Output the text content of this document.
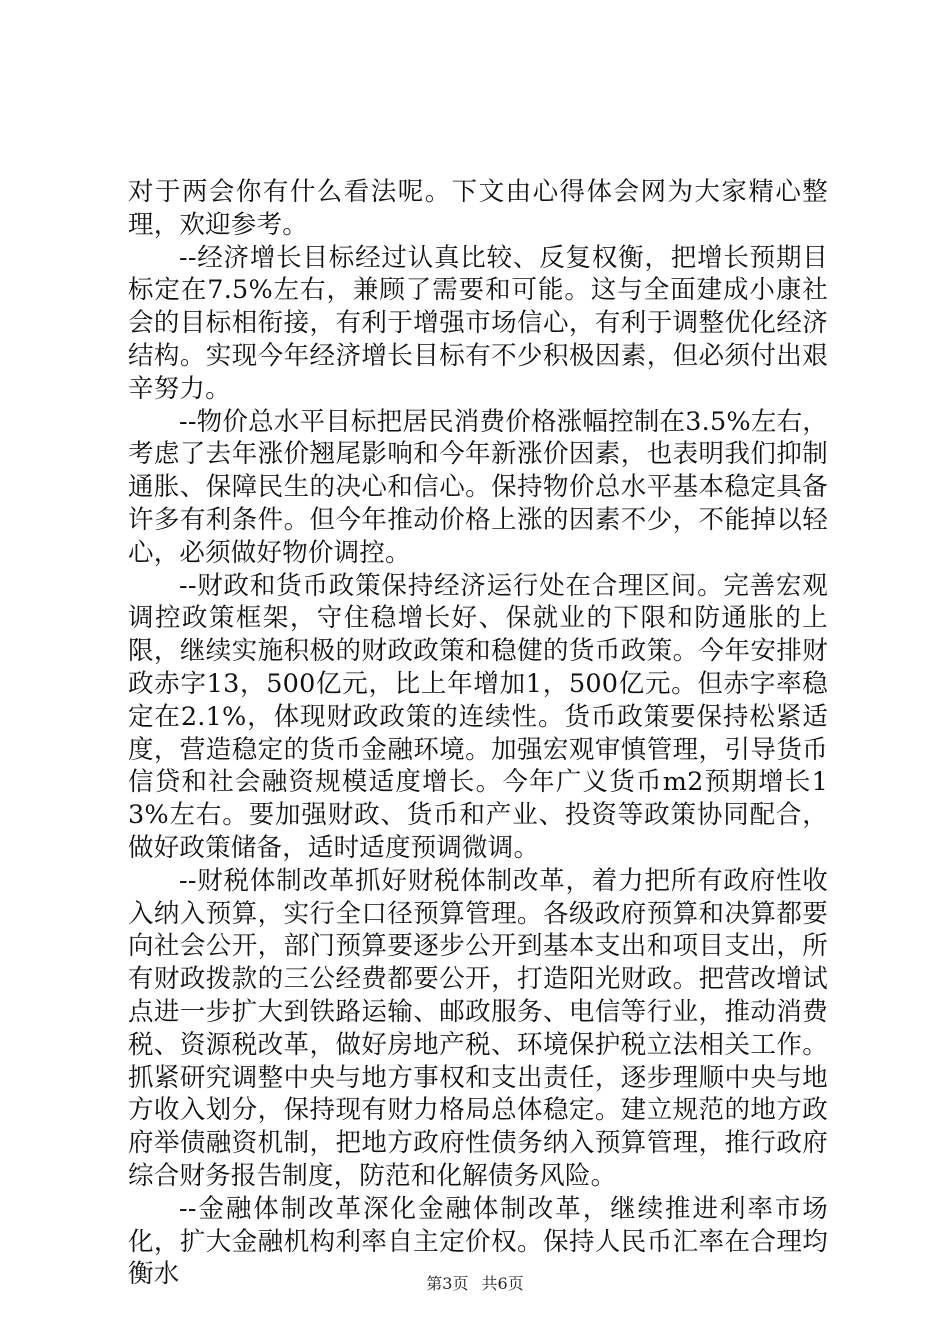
对于两会你有什么看法呢。下文由心得体会网为大家精心整理，欢迎参考。

--经济增长目标经过认真比较、反复权衡，把增长预期目标定在7.5%左右，兼顾了需要和可能。这与全面建成小康社会的目标相衔接，有利于增强市场信心，有利于调整优化经济结构。实现今年经济增长目标有不少积极因素，但必须付出艰辛努力。

--物价总水平目标把居民消费价格涨幅控制在3.5%左右，考虑了去年涨价翘尾影响和今年新涨价因素，也表明我们抑制通胀、保障民生的决心和信心。保持物价总水平基本稳定具备许多有利条件。但今年推动价格上涨的因素不少，不能掉以轻心，必须做好物价调控。

--财政和货币政策保持经济运行处在合理区间。完善宏观调控政策框架，守住稳增长好、保就业的下限和防通胀的上限，继续实施积极的财政政策和稳健的货币政策。今年安排财政赤字13，500亿元，比上年增加1，500亿元。但赤字率稳定在2.1%，体现财政政策的连续性。货币政策要保持松紧适度，营造稳定的货币金融环境。加强宏观审慎管理，引导货币信贷和社会融资规模适度增长。今年广义货币m2预期增长13%左右。要加强财政、货币和产业、投资等政策协同配合，做好政策储备，适时适度预调微调。

--财税体制改革抓好财税体制改革，着力把所有政府性收入纳入预算，实行全口径预算管理。各级政府预算和决算都要向社会公开，部门预算要逐步公开到基本支出和项目支出，所有财政拨款的三公经费都要公开，打造阳光财政。把营改增试点进一步扩大到铁路运输、邮政服务、电信等行业，推动消费税、资源税改革，做好房地产税、环境保护税立法相关工作。抓紧研究调整中央与地方事权和支出责任，逐步理顺中央与地方收入划分，保持现有财力格局总体稳定。建立规范的地方政府举债融资机制，把地方政府性债务纳入预算管理，推行政府综合财务报告制度，防范和化解债务风险。

--金融体制改革深化金融体制改革，继续推进利率市场化，扩大金融机构利率自主定价权。保持人民币汇率在合理均衡水	第3页 共6页
